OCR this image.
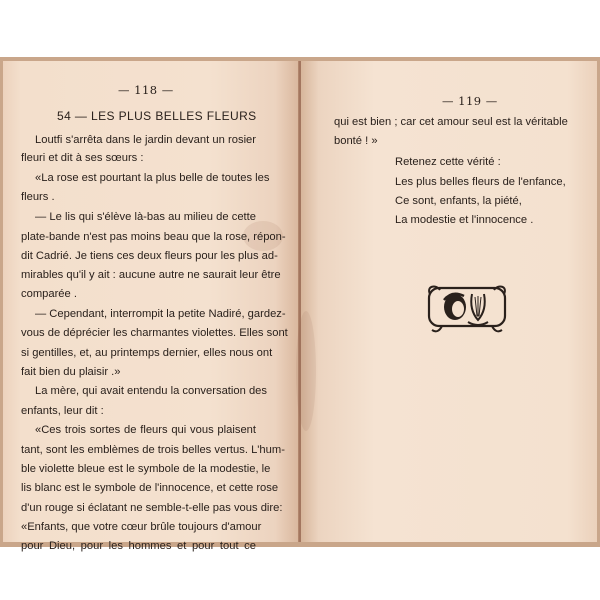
— 118 —
54 — LES PLUS BELLES FLEURS
Loutfi s'arrêta dans le jardin devant un rosier
fleuri et dit à ses sœurs :
«La rose est pourtant la plus belle de toutes les
fleurs .
— Le lis qui s'élève là-bas au milieu de cette
plate-bande n'est pas moins beau que la rose, répon-
dit Cadrié. Je tiens ces deux fleurs pour les plus ad-
mirables qu'il y ait : aucune autre ne saurait leur être
comparée .
— Cependant, interrompit la petite Nadiré, gardez-
vous de déprécier les charmantes violettes. Elles sont
si gentilles, et, au printemps dernier, elles nous ont
fait bien du plaisir .»
La mère, qui avait entendu la conversation des
enfants, leur dit :
«Ces trois sortes de fleurs qui vous plaisent
tant, sont les emblèmes de trois belles vertus. L'hum-
ble violette bleue est le symbole de la modestie, le
lis blanc est le symbole de l'innocence, et cette rose
d'un rouge si éclatant ne semble-t-elle pas vous dire:
«Enfants, que votre cœur brûle toujours d'amour
pour Dieu, pour les hommes et pour tout ce
— 119 —
qui est bien ; car cet amour seul est la véritable
bonté ! »
Retenez cette vérité :
Les plus belles fleurs de l'enfance,
Ce sont, enfants, la piété,
La modestie et l'innocence .
